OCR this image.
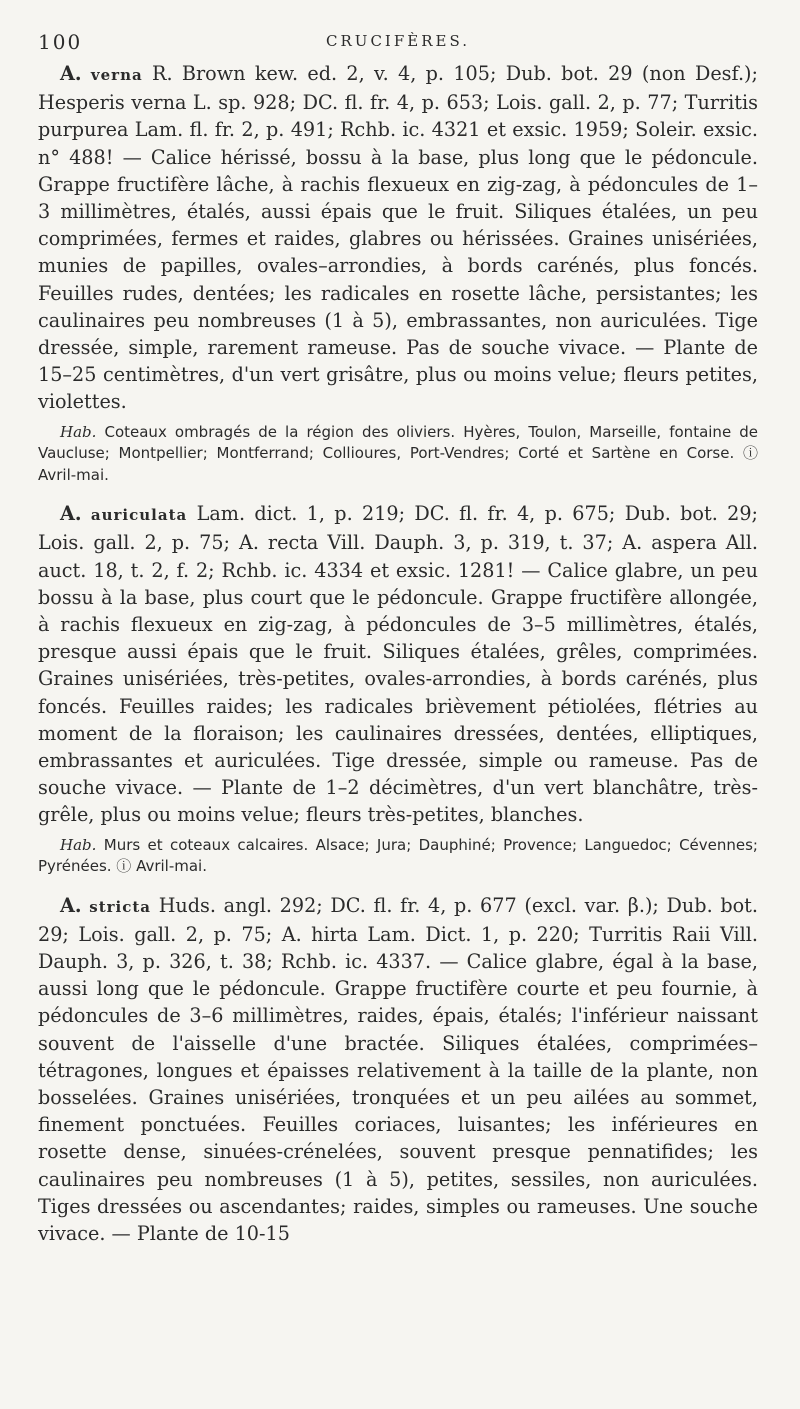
100	CRUCIFÈRES.

A. verna R. Brown kew. ed. 2, v. 4, p. 105; Dub. bot. 29 (non Desf.); Hesperis verna L. sp. 928; DC. fl. fr. 4, p. 653; Lois. gall. 2, p. 77; Turritis purpurea Lam. fl. fr. 2, p. 491; Rchb. ic. 4321 et exsic. 1959; Soleir. exsic. n° 488! — Calice hérissé, bossu à la base, plus long que le pédoncule. Grappe fructifère lâche, à rachis flexueux en zig-zag, à pédoncules de 1–3 millimètres, étalés, aussi épais que le fruit. Siliques étalées, un peu comprimées, fermes et raides, glabres ou hérissées. Graines unisériées, munies de papilles, ovales–arrondies, à bords carénés, plus foncés. Feuilles rudes, dentées; les radicales en rosette lâche, persistantes; les caulinaires peu nombreuses (1 à 5), embrassantes, non auriculées. Tige dressée, simple, rarement rameuse. Pas de souche vivace. — Plante de 15–25 centimètres, d'un vert grisâtre, plus ou moins velue; fleurs petites, violettes.

Hab. Coteaux ombragés de la région des oliviers. Hyères, Toulon, Marseille, fontaine de Vaucluse; Montpellier; Montferrand; Collioures, Port-Vendres; Corté et Sartène en Corse. ⓘ Avril-mai.

A. auriculata Lam. dict. 1, p. 219; DC. fl. fr. 4, p. 675; Dub. bot. 29; Lois. gall. 2, p. 75; A. recta Vill. Dauph. 3, p. 319, t. 37; A. aspera All. auct. 18, t. 2, f. 2; Rchb. ic. 4334 et exsic. 1281! — Calice glabre, un peu bossu à la base, plus court que le pédoncule. Grappe fructifère allongée, à rachis flexueux en zig-zag, à pédoncules de 3–5 millimètres, étalés, presque aussi épais que le fruit. Siliques étalées, grêles, comprimées. Graines unisériées, très-petites, ovales-arrondies, à bords carénés, plus foncés. Feuilles raides; les radicales brièvement pétiolées, flétries au moment de la floraison; les caulinaires dressées, dentées, elliptiques, embrassantes et auriculées. Tige dressée, simple ou rameuse. Pas de souche vivace. — Plante de 1–2 décimètres, d'un vert blanchâtre, très-grêle, plus ou moins velue; fleurs très-petites, blanches.

Hab. Murs et coteaux calcaires. Alsace; Jura; Dauphiné; Provence; Languedoc; Cévennes; Pyrénées. ⓘ Avril-mai.

A. stricta Huds. angl. 292; DC. fl. fr. 4, p. 677 (excl. var. β.); Dub. bot. 29; Lois. gall. 2, p. 75; A. hirta Lam. Dict. 1, p. 220; Turritis Raii Vill. Dauph. 3, p. 326, t. 38; Rchb. ic. 4337. — Calice glabre, égal à la base, aussi long que le pédoncule. Grappe fructifère courte et peu fournie, à pédoncules de 3–6 millimètres, raides, épais, étalés; l'inférieur naissant souvent de l'aisselle d'une bractée. Siliques étalées, comprimées–tétragones, longues et épaisses relativement à la taille de la plante, non bosselées. Graines unisériées, tronquées et un peu ailées au sommet, finement ponctuées. Feuilles coriaces, luisantes; les inférieures en rosette dense, sinuées-crénelées, souvent presque pennatifides; les caulinaires peu nombreuses (1 à 5), petites, sessiles, non auriculées. Tiges dressées ou ascendantes; raides, simples ou rameuses. Une souche vivace. — Plante de 10-15
